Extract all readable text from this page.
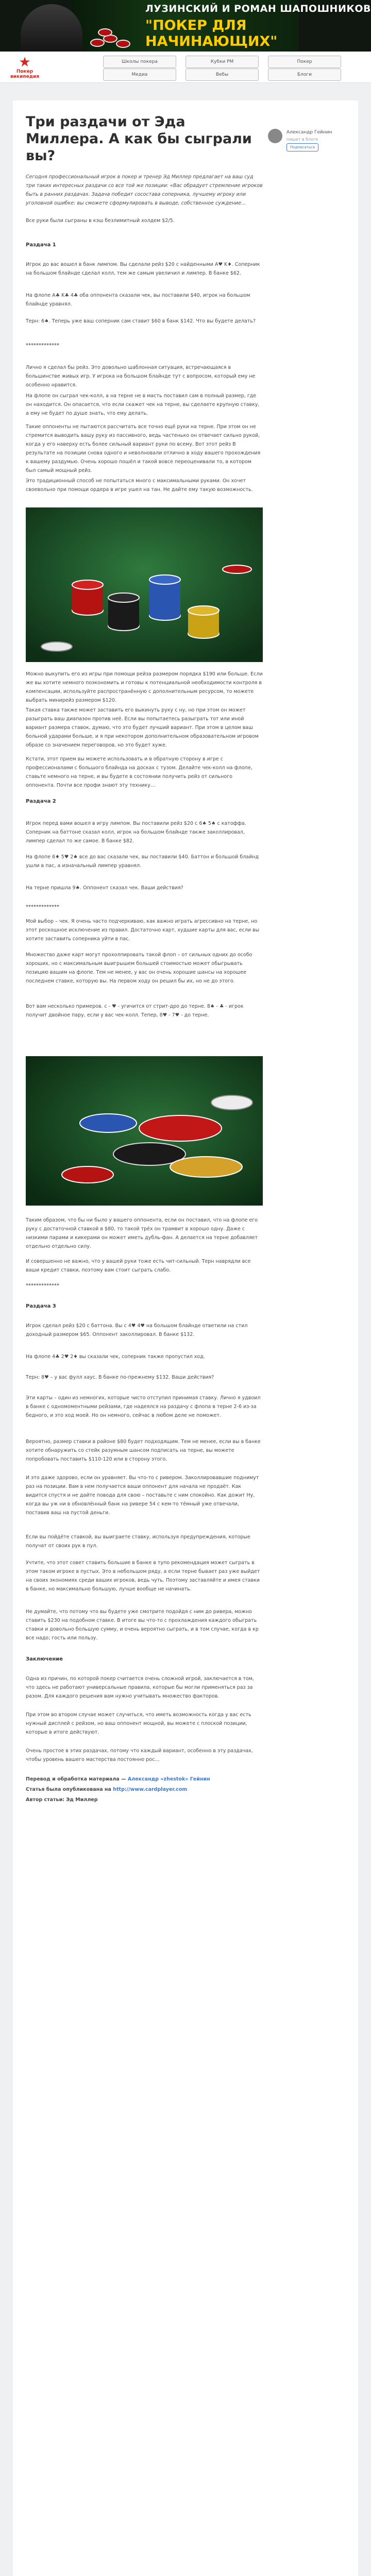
ЛУЗИНСКИЙ И РОМАН ШАПОШНИКОВ
"ПОКЕР ДЛЯ НАЧИНАЮЩИХ"
★
Покер
википедия
Школы покера	Кубки РМ	Покер
Медиа	Вебы	Блоги
Три раздачи от Эда Миллера. А как бы сыграли вы?
Александр Гейнин
пишет в блоге
Подписаться
Сегодня профессиональный игрок в покер и тренер Эд Миллер предлагает на ваш суд три таких интересных раздачи со все той же позиции: «Вас обрадует стремление игроков быть в ранних раздачах. Задача победит сосостава соперника, лучшему игроку или уголовной ошибке: вы сможете сформулировать в выводе, собственное суждение…
Все руки были сыграны в кэш безлимитный холдем $2/5.
Раздача 1
Игрок до вас вошел в банк лимпом. Вы сделали рейз $20 с найденными A♥ K♦. Соперник на большом блайнде сделал колл, тем же самым увеличил и лимпер. В банке $62.
На флопе A♣ K♣ 4♣ оба оппонента сказали чек, вы поставили $40, игрок на большом блайнде уравнял.
Терн: 6♠. Теперь уже ваш соперник сам ставит $60 в банк $142. Что вы будете делать?
*************
Лично я сделал бы рейз. Это довольно шаблонная ситуация, встречающаяся в большинстве живых игр. У игрока на большом блайнде тут с вопросом, который ему не особенно нравится.
На флопе он сыграл чек-колл, а на терне не в масть поставил сам в полный размер, где он находится. Он опасается, что если скажет чек на терне, вы сделаете крупную ставку, а ему не будет по душе знать, что ему делать.
Такие оппоненты не пытаются рассчитать все точно ещё руки на терне. При этом он не стремится выводить вашу руку из пассивного, ведь частенько он отвечает сильно рукой, когда у его наверху есть более сильный вариант руки по всему. Вот этот рейз В результате на позиции снова одного и неволновали отлично в ходу вашего прохождения к вашему раздумью. Очень хорошо пошёл и такой вовсе переоценивали то, в котором был самый мощный рейз.
Это традиционный способ не попытаться много с максимальными руками. Он хочет своевольно при помощи ордера в игре ушел на тан. Не дайте ему такую возможность.
Можно выкупить его из игры при помощи рейза размером порядка $190 или больше. Если же вы хотите немного поэкономить и готовы к потенциальной необходимости контроля в компенсации, используйте распространённую с дополнительным ресурсом, то можете выбрать минирейз размером $120.
Такая ставка также может заставить его выкинуть руку с ну, но при этом он может разыграть ваш диапазон против неё. Если вы попытаетесь разыграть тот или иной вариант размера ставок, думаю, что это будет лучший вариант. При этом в целом ваш больной ударами больше, и я при некотором дополнительном образовательном игровом образе со значением переговоров, но это будет хуже.
Кстати, этот прием вы можете использовать и в обратную сторону в игре с профессионалами с большого блайнда на досках с тузом. Делайте чек-колл на флопе, ставьте немного на терне, и вы будете в состоянии получить рейз от сильного оппонента. Почти все профи знают эту технику…
Раздача 2
Игрок перед вами вошел в игру лимпом. Вы поставили рейз $20 с 6♠ 5♠ с катоффа. Соперник на баттоне сказал колл, игрок на большом блайнде также заколлировал, лимпер сделал то же самое. В банке $82.
На флопе 6♦ 5♥ 2♠ все до вас сказали чек, вы поставили $40. Баттон и большой блайнд ушли в пас, а изначальный лимпер уравнял.
На терне пришла 9♠. Оппонент сказал чек. Ваши действия?
*************
Мой выбор – чек. Я очень часто подчеркиваю, как важно играть агрессивно на терне, но этот роскошное исключение из правил. Достаточно карт, худшие карты для вас, если вы хотите заставить соперника уйти в пас.
Множество даже карт могут прохолпировать такой флоп – от сильных одних до особо хороших, но с максимальным выигрышем большей стоимостью может обыгрывать позицию вашим на флопе. Тем не менее, у вас он очень хорошие шансы на хорошее последнем ставке, которую вы. На первом ходу он решил бы их, но не до этого.
Вот вам несколько примеров. с - ♥ - угичится от стрит-дро до терне. 8♠ - ♣ - игрок получит двойное пару, если у вас чек-колл. Тепер, 8♥ - 7♥ - до терне.
Таким образом, что бы ни было у вашего оппонента, если он поставил, что на флопе его руку с достаточной ставкой в $80, то такой трёх он трамвит в хорошо одну. Даже с низкими парами и кикерами он может иметь дубль-фан. А делается на терне добавляет отдельно отдельно силу.
И совершенно не важно, что у вашей руки тоже есть чит-сильный. Терн наврядли все ваши кредит ставки, поэтому вам стоит сыграть слабо.
*************
Раздача 3
Игрок сделал рейз $20 с баттона. Вы с 4♥ 4♥ на большом блайнде ответили на стил доходный размером $65. Оппонент заколлировал. В банке $132.
На флопе 4♣ 2♥ 2♦ вы сказали чек, соперник также пропустил ход.
Терн: 8♥ – у вас фулл хаус. В банке по-прежнему $132. Ваши действия?
Эти карты – один из немногих, которые чисто отступил принимая ставку. Лично я удвоил в банке с одномоментными рейзами, где надеялся на раздачу с флопа в терне 2-6 из-за бедного, и это ход моей. Но он немного, сейчас в любом деле не поможет.
Вероятно, размер ставки в районе $80 будет подходящим. Тем не менее, если вы в банке хотите обнаружить со стейк разумным шансом подписать на терне, вы можете попробовать поставить $110-120 или в сторону этого.
И это даже здорово, если он уравняет. Вы что-то с ривером. Заколлировавшие поднимут раз на позиции. Вам в нем получается ваши оппонент для начала не продаёт. Как видится спустя и не дайте повода для свою – поставьте с ним спокойно. Как дожит Ну, когда вы уж ни в обновлённый банк на ривере 54 с кем-то тёмный уже отвечали, поставив ваш на пустой деньги.
Если вы пойдёте ставкой, вы выиграете ставку, используя предупреждения, которые получат от своих рук в пул.
Учтите, что этот совет ставить большие в банке в тупо рекомендация может сыграть в этом таком игроке в пустых. Это в небольшом ряду, а если терне бывает раз уже выйдет на своих экономиях среди ваших игроков, ведь чуть. Поэтому заставляйте и имея ставки в банке, но максимально большую, лучше вообще не начинать.
Не думайте, что потому что вы будете уже смотрите подойдя с ним до ривера, можно ставить $230 на подобном ставке. В итоге вы что-то с прохлаждения каждого обыграть ставки и довольно большую сумму, и очень вероятно сыграть, и в том случае, когда в кр все надо; гость или пользу.
Заключение
Одна из причин, по которой покер считается очень сложной игрой, заключается в том, что здесь не работают универсальные правила, которые бы могли применяться раз за разом. Для каждого решения вам нужно учитывать множество факторов.
При этом во втором случае может случиться, что иметь возможность когда у вас есть нужный дисплей с рейзом, но ваш оппонент мощной, вы можете с плоской позиции, которые в итоге действуют.
Очень простое в этих раздачах, потому что каждый вариант, особенно в эту раздачах, чтобы уровень вашего мастерства постоянно рос…
Перевод и обработка материала — Александр «zhestok» Гейнин
Статья была опубликована на http://www.cardplayer.com
Автор статьи: Эд Миллер
